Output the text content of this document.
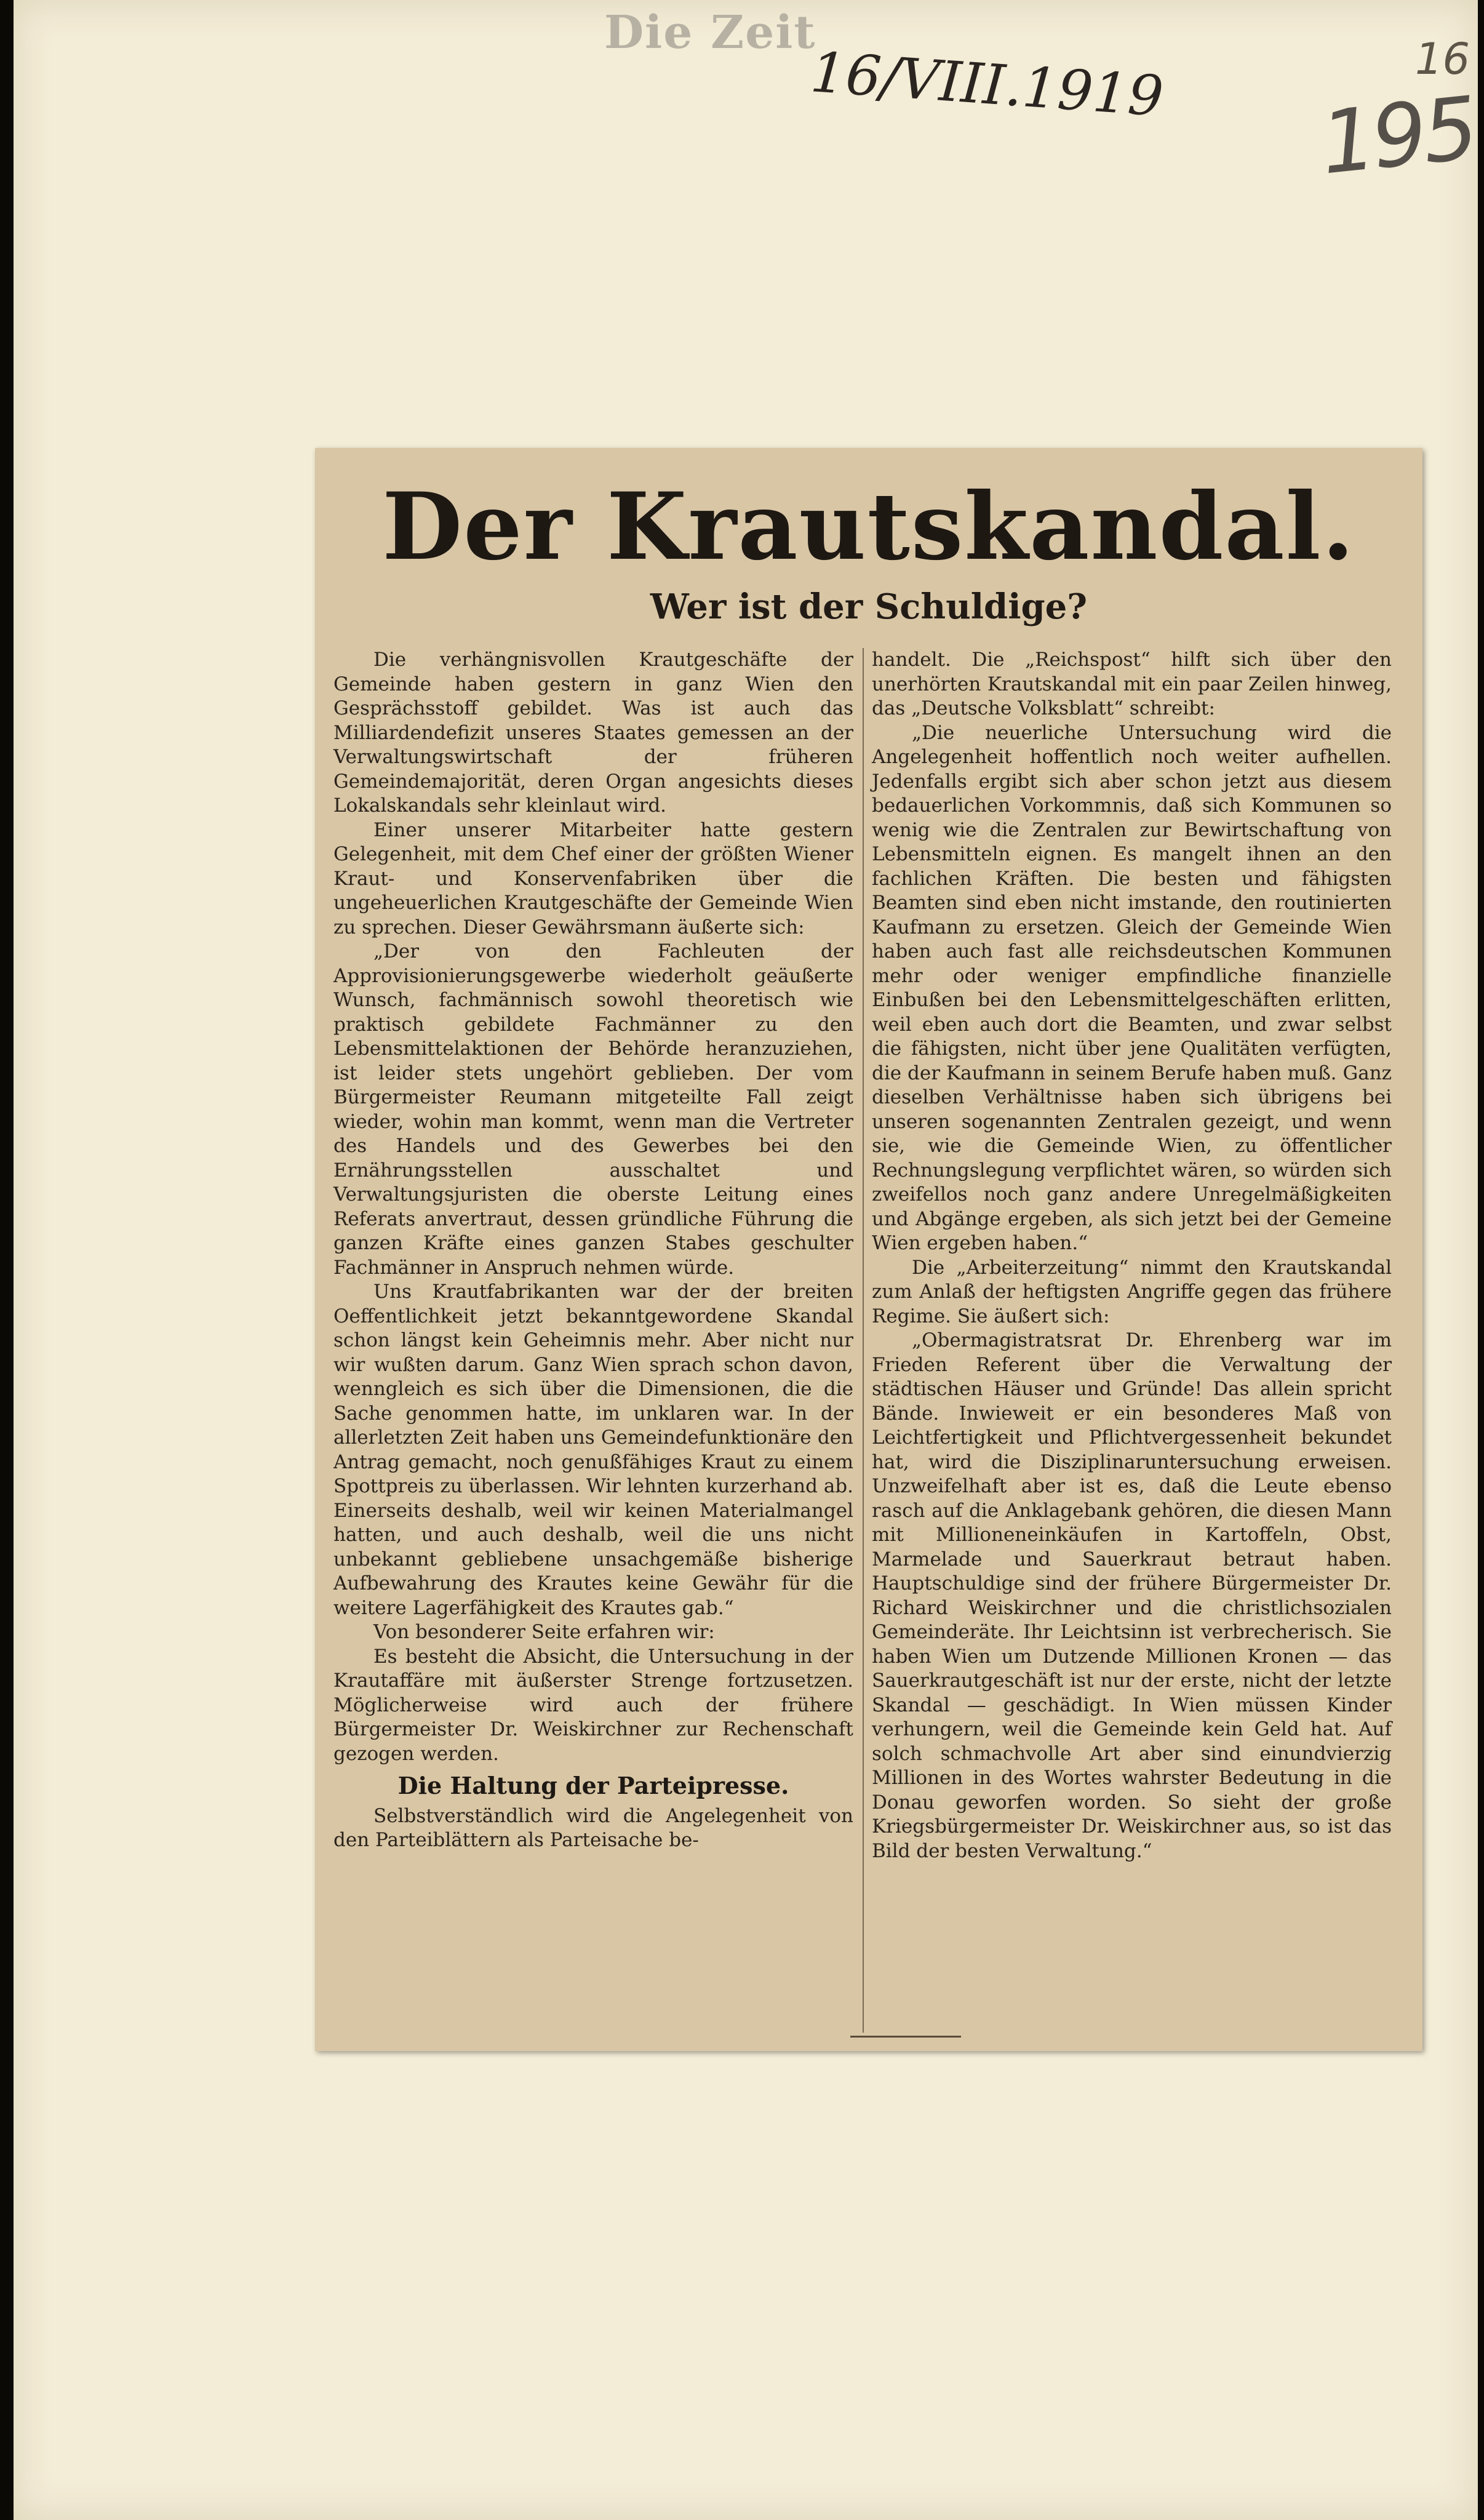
Die Zeit
16/VIII.1919	16
195
Der Krautskandal.
Wer ist der Schuldige?

Die verhängnisvollen Krautgeschäfte der Gemeinde haben gestern in ganz Wien den Gesprächsstoff gebildet. Was ist auch das Milliardendefizit unseres Staates gemessen an der Verwaltungswirtschaft der früheren Gemeindemajorität, deren Organ angesichts dieses Lokalskandals sehr kleinlaut wird.

Einer unserer Mitarbeiter hatte gestern Gelegenheit, mit dem Chef einer der größten Wiener Kraut- und Konservenfabriken über die ungeheuerlichen Krautgeschäfte der Gemeinde Wien zu sprechen. Dieser Gewährsmann äußerte sich:

„Der von den Fachleuten der Approvisionierungsgewerbe wiederholt geäußerte Wunsch, fachmännisch sowohl theoretisch wie praktisch gebildete Fachmänner zu den Lebensmittelaktionen der Behörde heranzuziehen, ist leider stets ungehört geblieben. Der vom Bürgermeister Reumann mitgeteilte Fall zeigt wieder, wohin man kommt, wenn man die Vertreter des Handels und des Gewerbes bei den Ernährungsstellen ausschaltet und Verwaltungsjuristen die oberste Leitung eines Referats anvertraut, dessen gründliche Führung die ganzen Kräfte eines ganzen Stabes geschulter Fachmänner in Anspruch nehmen würde.

Uns Krautfabrikanten war der der breiten Oeffentlichkeit jetzt bekanntgewordene Skandal schon längst kein Geheimnis mehr. Aber nicht nur wir wußten darum. Ganz Wien sprach schon davon, wenngleich es sich über die Dimensionen, die die Sache genommen hatte, im unklaren war. In der allerletzten Zeit haben uns Gemeindefunktionäre den Antrag gemacht, noch genußfähiges Kraut zu einem Spottpreis zu überlassen. Wir lehnten kurzerhand ab. Einerseits deshalb, weil wir keinen Materialmangel hatten, und auch deshalb, weil die uns nicht unbekannt gebliebene unsachgemäße bisherige Aufbewahrung des Krautes keine Gewähr für die weitere Lagerfähigkeit des Krautes gab.“

Von besonderer Seite erfahren wir:

Es besteht die Absicht, die Untersuchung in der Krautaffäre mit äußerster Strenge fortzusetzen. Möglicherweise wird auch der frühere Bürgermeister Dr. Weiskirchner zur Rechenschaft gezogen werden.

Die Haltung der Parteipresse.

Selbstverständlich wird die Angelegenheit von den Parteiblättern als Parteisache be-

handelt. Die „Reichspost“ hilft sich über den unerhörten Krautskandal mit ein paar Zeilen hinweg, das „Deutsche Volksblatt“ schreibt:

„Die neuerliche Untersuchung wird die Angelegenheit hoffentlich noch weiter aufhellen. Jedenfalls ergibt sich aber schon jetzt aus diesem bedauerlichen Vorkommnis, daß sich Kommunen so wenig wie die Zentralen zur Bewirtschaftung von Lebensmitteln eignen. Es mangelt ihnen an den fachlichen Kräften. Die besten und fähigsten Beamten sind eben nicht imstande, den routinierten Kaufmann zu ersetzen. Gleich der Gemeinde Wien haben auch fast alle reichsdeutschen Kommunen mehr oder weniger empfindliche finanzielle Einbußen bei den Lebensmittelgeschäften erlitten, weil eben auch dort die Beamten, und zwar selbst die fähigsten, nicht über jene Qualitäten verfügten, die der Kaufmann in seinem Berufe haben muß. Ganz dieselben Verhältnisse haben sich übrigens bei unseren sogenannten Zentralen gezeigt, und wenn sie, wie die Gemeinde Wien, zu öffentlicher Rechnungslegung verpflichtet wären, so würden sich zweifellos noch ganz andere Unregelmäßigkeiten und Abgänge ergeben, als sich jetzt bei der Gemeine Wien ergeben haben.“

Die „Arbeiterzeitung“ nimmt den Krautskandal zum Anlaß der heftigsten Angriffe gegen das frühere Regime. Sie äußert sich:

„Obermagistratsrat Dr. Ehrenberg war im Frieden Referent über die Verwaltung der städtischen Häuser und Gründe! Das allein spricht Bände. Inwieweit er ein besonderes Maß von Leichtfertigkeit und Pflichtvergessenheit bekundet hat, wird die Disziplinaruntersuchung erweisen. Unzweifelhaft aber ist es, daß die Leute ebenso rasch auf die Anklagebank gehören, die diesen Mann mit Millioneneinkäufen in Kartoffeln, Obst, Marmelade und Sauerkraut betraut haben. Hauptschuldige sind der frühere Bürgermeister Dr. Richard Weiskirchner und die christlichsozialen Gemeinderäte. Ihr Leichtsinn ist verbrecherisch. Sie haben Wien um Dutzende Millionen Kronen — das Sauerkrautgeschäft ist nur der erste, nicht der letzte Skandal — geschädigt. In Wien müssen Kinder verhungern, weil die Gemeinde kein Geld hat. Auf solch schmachvolle Art aber sind einundvierzig Millionen in des Wortes wahrster Bedeutung in die Donau geworfen worden. So sieht der große Kriegsbürgermeister Dr. Weiskirchner aus, so ist das Bild der besten Verwaltung.“
